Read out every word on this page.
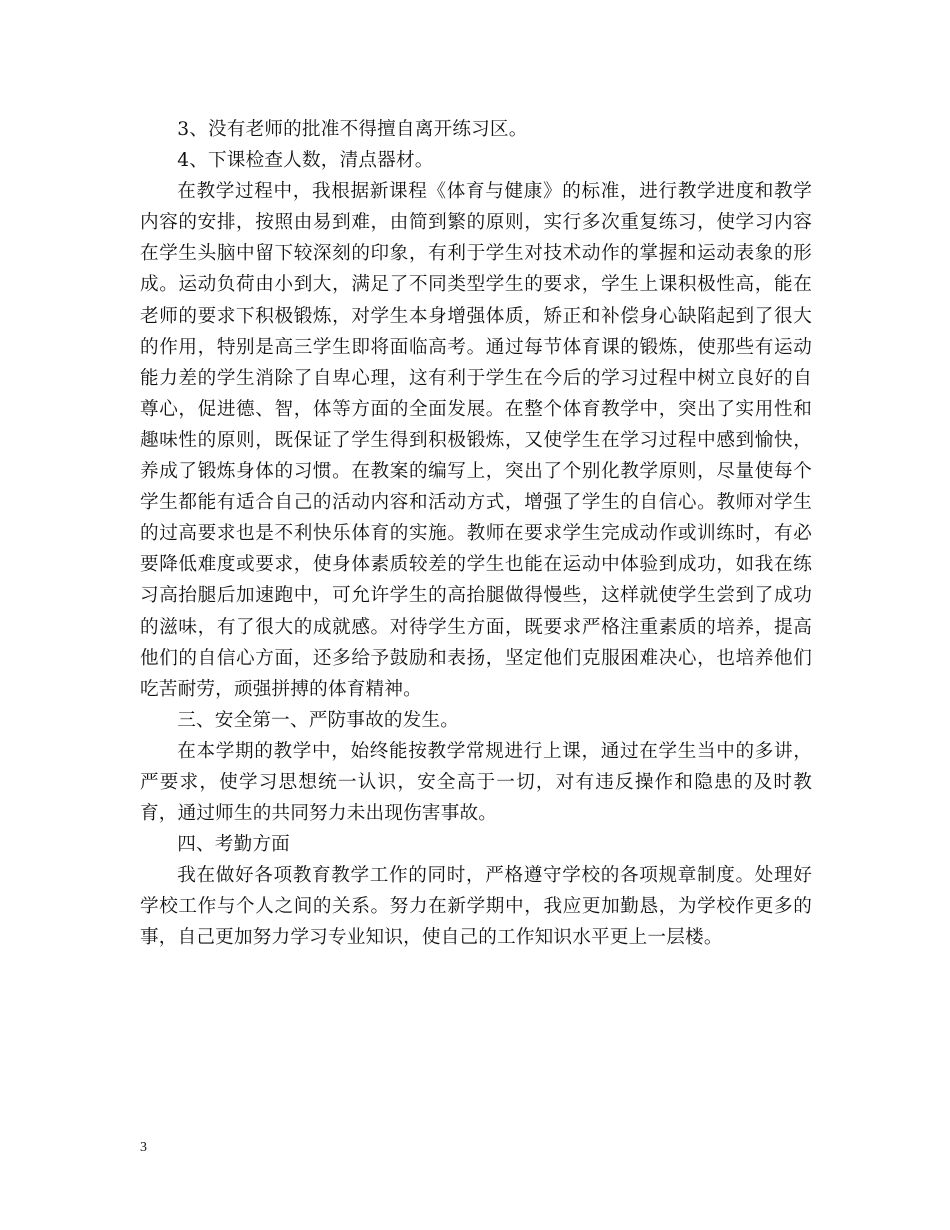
3、没有老师的批准不得擅自离开练习区。

4、下课检查人数，清点器材。

在教学过程中，我根据新课程《体育与健康》的标准，进行教学进度和教学内容的安排，按照由易到难，由简到繁的原则，实行多次重复练习，使学习内容在学生头脑中留下较深刻的印象，有利于学生对技术动作的掌握和运动表象的形成。运动负荷由小到大，满足了不同类型学生的要求，学生上课积极性高，能在老师的要求下积极锻炼，对学生本身增强体质，矫正和补偿身心缺陷起到了很大的作用，特别是高三学生即将面临高考。通过每节体育课的锻炼，使那些有运动能力差的学生消除了自卑心理，这有利于学生在今后的学习过程中树立良好的自尊心，促进德、智，体等方面的全面发展。在整个体育教学中，突出了实用性和趣味性的原则，既保证了学生得到积极锻炼，又使学生在学习过程中感到愉快，养成了锻炼身体的习惯。在教案的编写上，突出了个别化教学原则，尽量使每个学生都能有适合自己的活动内容和活动方式，增强了学生的自信心。教师对学生的过高要求也是不利快乐体育的实施。教师在要求学生完成动作或训练时，有必要降低难度或要求，使身体素质较差的学生也能在运动中体验到成功，如我在练习高抬腿后加速跑中，可允许学生的高抬腿做得慢些，这样就使学生尝到了成功的滋味，有了很大的成就感。对待学生方面，既要求严格注重素质的培养，提高他们的自信心方面，还多给予鼓励和表扬，坚定他们克服困难决心，也培养他们吃苦耐劳，顽强拼搏的体育精神。

三、安全第一、严防事故的发生。

在本学期的教学中，始终能按教学常规进行上课，通过在学生当中的多讲，严要求，使学习思想统一认识，安全高于一切，对有违反操作和隐患的及时教育，通过师生的共同努力未出现伤害事故。

四、考勤方面

我在做好各项教育教学工作的同时，严格遵守学校的各项规章制度。处理好学校工作与个人之间的关系。努力在新学期中，我应更加勤恳，为学校作更多的事，自己更加努力学习专业知识，使自己的工作知识水平更上一层楼。

3
